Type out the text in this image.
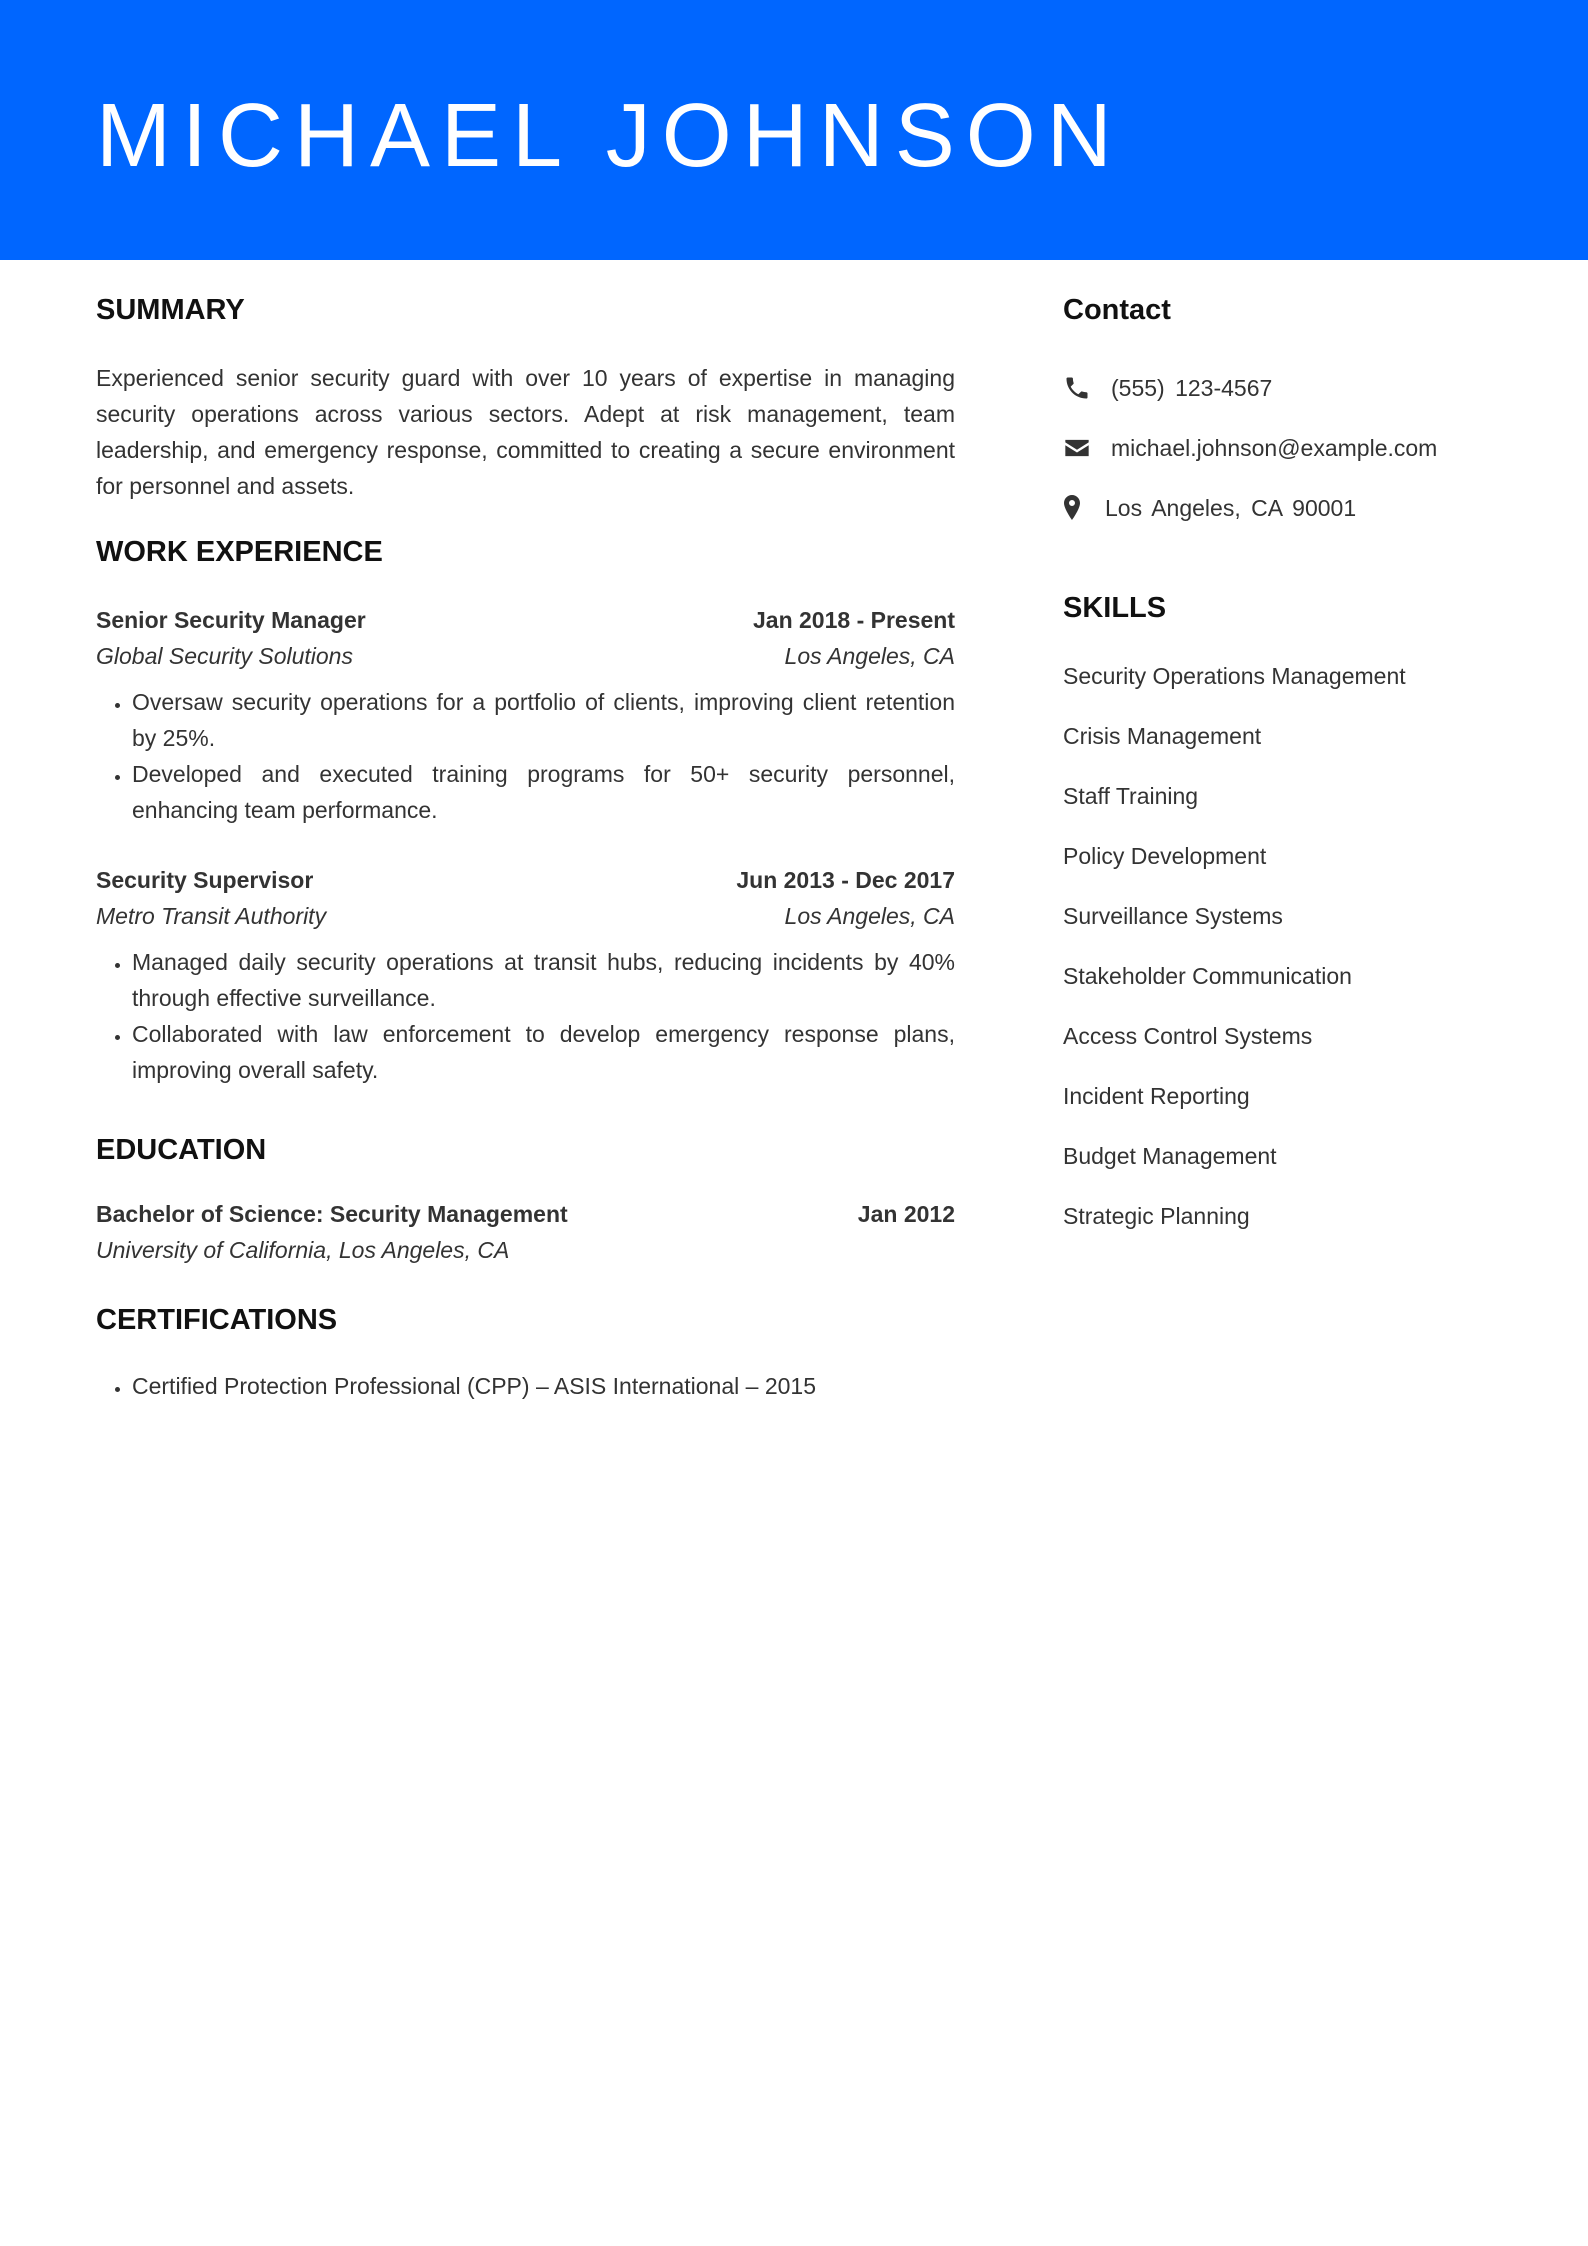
MICHAEL JOHNSON
SUMMARY

Experienced senior security guard with over 10 years of expertise in managing security operations across various sectors. Adept at risk management, team leadership, and emergency response, committed to creating a secure environment for personnel and assets.

WORK EXPERIENCE
Senior Security Manager	Jan 2018 - Present
Global Security Solutions	Los Angeles, CA
• Oversaw security operations for a portfolio of clients, improving client retention by 25%.
• Developed and executed training programs for 50+ security personnel, enhancing team performance.
Security Supervisor	Jun 2013 - Dec 2017
Metro Transit Authority	Los Angeles, CA
• Managed daily security operations at transit hubs, reducing incidents by 40% through effective surveillance.
• Collaborated with law enforcement to develop emergency response plans, improving overall safety.
EDUCATION
Bachelor of Science: Security Management	Jan 2012
University of California, Los Angeles, CA
CERTIFICATIONS
• Certified Protection Professional (CPP) – ASIS International – 2015
Contact
(555) 123-4567
michael.johnson@example.com
Los Angeles, CA 90001
SKILLS
Security Operations Management
Crisis Management
Staff Training
Policy Development
Surveillance Systems
Stakeholder Communication
Access Control Systems
Incident Reporting
Budget Management
Strategic Planning
